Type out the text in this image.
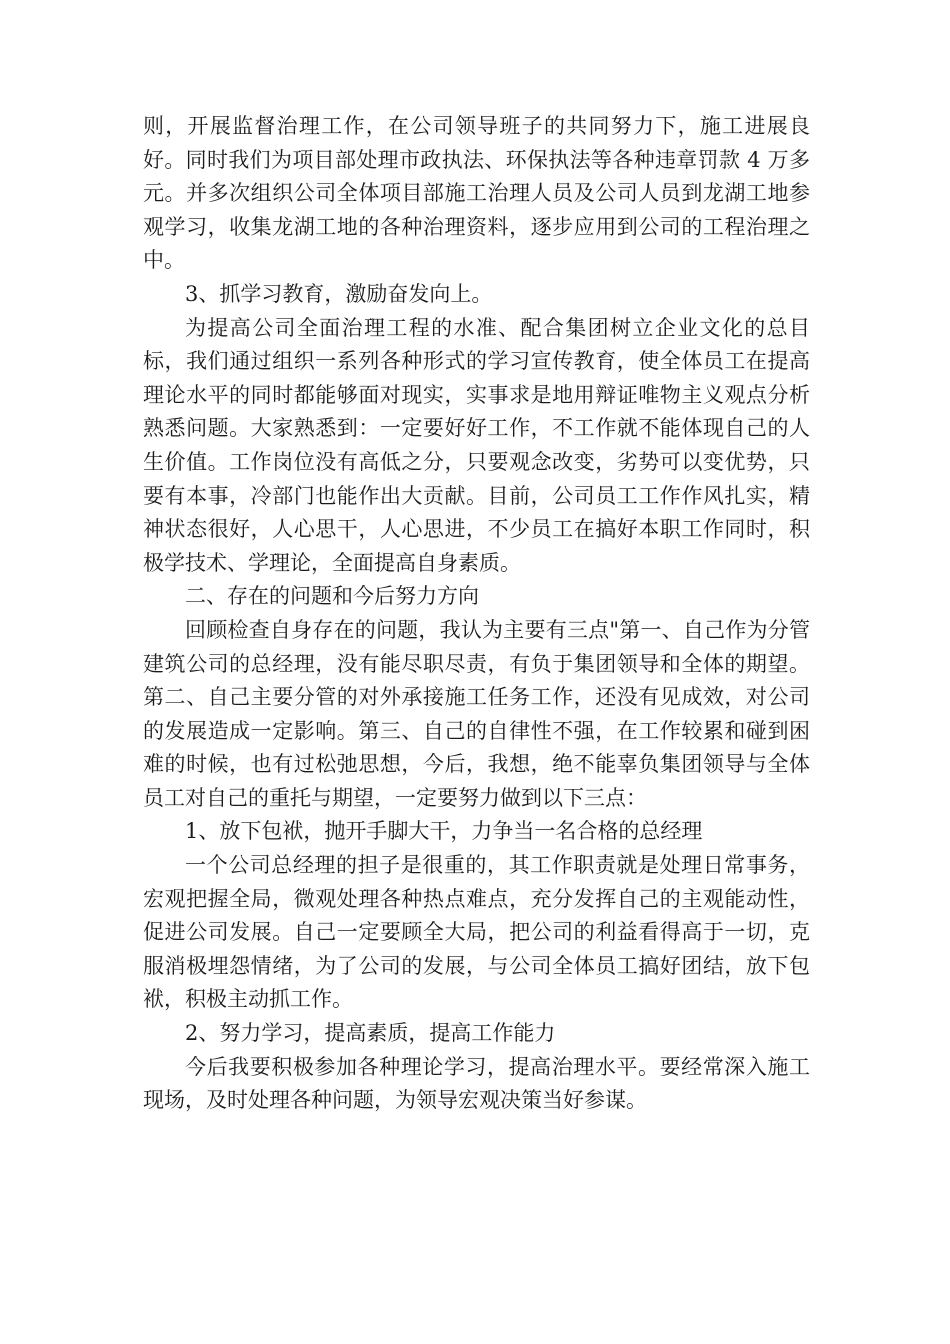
则，开展监督治理工作，在公司领导班子的共同努力下，施工进展良好。同时我们为项目部处理市政执法、环保执法等各种违章罚款 4 万多元。并多次组织公司全体项目部施工治理人员及公司人员到龙湖工地参观学习，收集龙湖工地的各种治理资料，逐步应用到公司的工程治理之中。

3、抓学习教育，激励奋发向上。

为提高公司全面治理工程的水准、配合集团树立企业文化的总目标，我们通过组织一系列各种形式的学习宣传教育，使全体员工在提高理论水平的同时都能够面对现实，实事求是地用辩证唯物主义观点分析熟悉问题。大家熟悉到：一定要好好工作，不工作就不能体现自己的人生价值。工作岗位没有高低之分，只要观念改变，劣势可以变优势，只要有本事，冷部门也能作出大贡献。目前，公司员工工作作风扎实，精神状态很好，人心思干，人心思进，不少员工在搞好本职工作同时，积极学技术、学理论，全面提高自身素质。

二、存在的问题和今后努力方向

回顾检查自身存在的问题，我认为主要有三点"第一、自己作为分管建筑公司的总经理，没有能尽职尽责，有负于集团领导和全体的期望。第二、自己主要分管的对外承接施工任务工作，还没有见成效，对公司的发展造成一定影响。第三、自己的自律性不强，在工作较累和碰到困难的时候，也有过松弛思想，今后，我想，绝不能辜负集团领导与全体员工对自己的重托与期望，一定要努力做到以下三点：

1、放下包袱，抛开手脚大干，力争当一名合格的总经理

一个公司总经理的担子是很重的，其工作职责就是处理日常事务，宏观把握全局，微观处理各种热点难点，充分发挥自己的主观能动性，促进公司发展。自己一定要顾全大局，把公司的利益看得高于一切，克服消极埋怨情绪，为了公司的发展，与公司全体员工搞好团结，放下包袱，积极主动抓工作。

2、努力学习，提高素质，提高工作能力

今后我要积极参加各种理论学习，提高治理水平。要经常深入施工现场，及时处理各种问题，为领导宏观决策当好参谋。
